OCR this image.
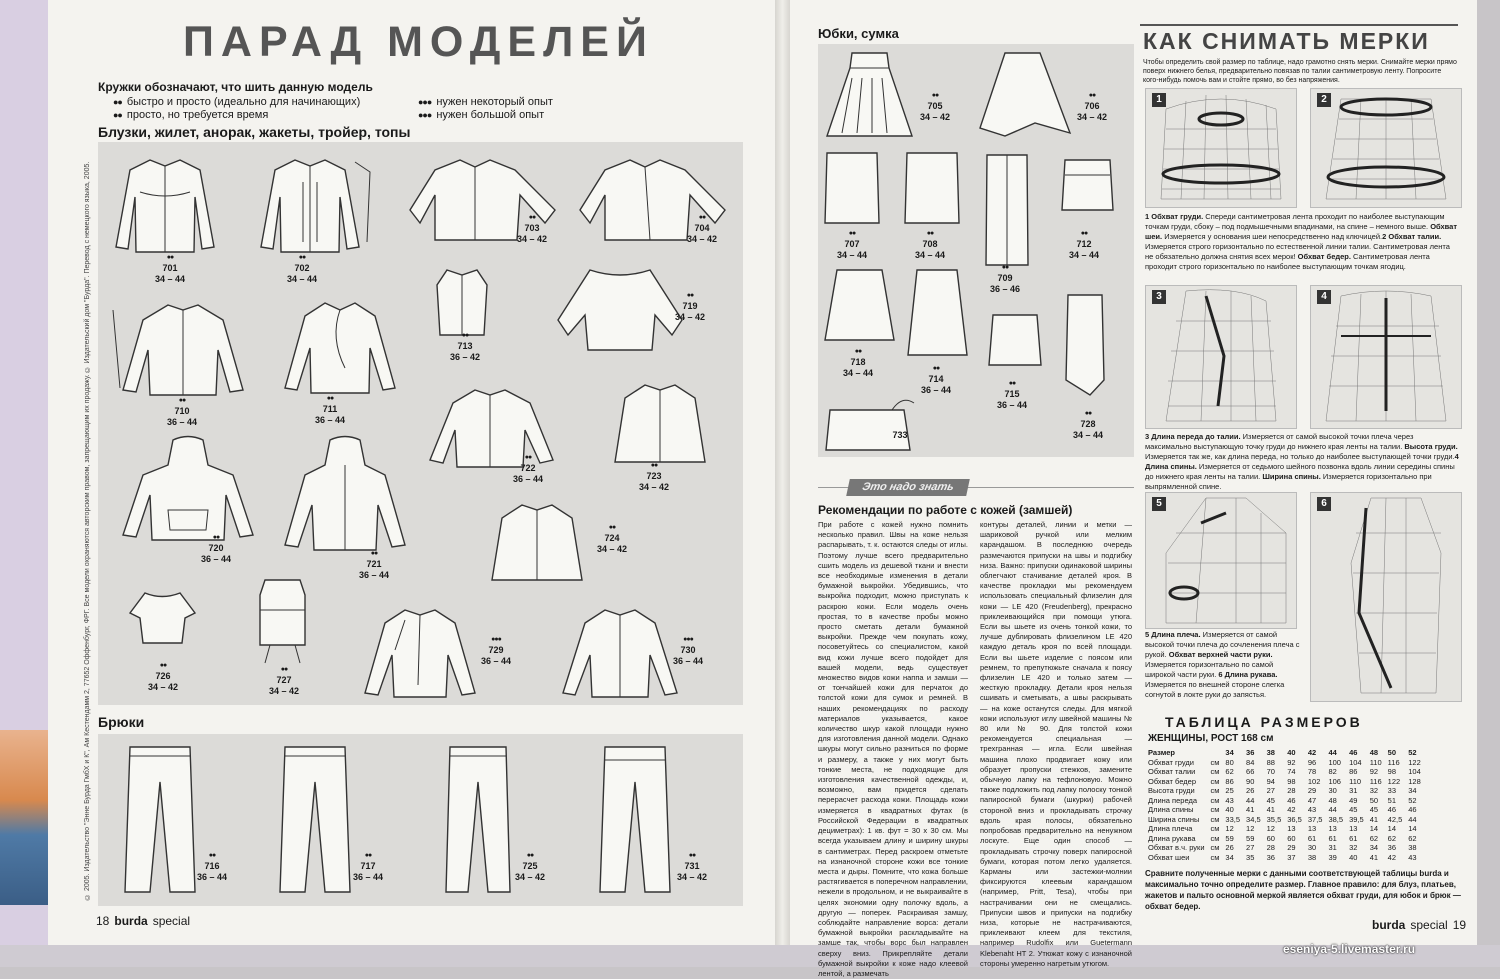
ПАРАД МОДЕЛЕЙ
Кружки обозначают, что шить данную модель
●● быстро и просто (идеально для начинающих)
●● просто, но требуется время
●●● нужен некоторый опыт
●●● нужен большой опыт
Блузки, жилет, анорак, жакеты, тройер, топы
© 2005. Издательство "Энне Бурда ГмбХ и К", Ам Кестендамм 2, 77652 Оффенбург, ФРГ. Все модели охраняются авторским правом, запрещающим их продажу. © Издательский дом "Бурда". Перевод с немецкого языка, 2005.	●●
701
34 – 44
●●
702
34 – 44
●●
703
34 – 42
●●
704
34 – 42
●●
713
36 – 42
●●
719
34 – 42
●●
710
36 – 44
●●
711
36 – 44
●●
722
36 – 44
●●
723
34 – 42
●●
720
36 – 44
●●
721
36 – 44
●●
724
34 – 42
●●
726
34 – 42
●●
727
34 – 42
●●●
729
36 – 44
●●●
730
36 – 44
Брюки
●●
716
36 – 44
●●
717
36 – 44
●●
725
34 – 42
●●
731
34 – 42
18 burda special
Юбки, сумка
●●
705
34 – 42
●●
706
34 – 42
●●
707
34 – 44
●●
708
34 – 44
●●
709
36 – 46
●●
712
34 – 44
●●
718
34 – 44	●●
714
36 – 44
●●
715
36 – 44
●●
728
34 – 44
733
Это надо знать
Рекомендации по работе с кожей (замшей)
При работе с кожей нужно помнить несколько правил. Швы на коже нельзя распарывать, т. к. остаются следы от иглы. Поэтому лучше всего предварительно сшить модель из дешевой ткани и внести все необходимые изменения в детали бумажной выкройки. Убедившись, что выкройка подходит, можно приступать к раскрою кожи. Если модель очень простая, то в качестве пробы можно просто сметать детали бумажной выкройки. Прежде чем покупать кожу, посоветуйтесь со специалистом, какой вид кожи лучше всего подойдет для вашей модели, ведь существует множество видов кожи наппа и замши — от тончайшей кожи для перчаток до толстой кожи для сумок и ремней. В наших рекомендациях по расходу материалов указывается, какое количество шкур какой площади нужно для изготовления данной модели. Однако шкуры могут сильно разниться по форме и размеру, а также у них могут быть тонкие места, не подходящие для изготовления качественной одежды, и, возможно, вам придется сделать перерасчет расхода кожи. Площадь кожи измеряется в квадратных футах (в Российской Федерации в квадратных дециметрах): 1 кв. фут = 30 х 30 см. Мы всегда указываем длину и ширину шкуры в сантиметрах. Перед раскроем отметьте на изнаночной стороне кожи все тонкие места и дыры. Помните, что кожа больше растягивается в поперечном направлении, нежели в продольном, и не выкраивайте в целях экономии одну полочку вдоль, а другую — поперек. Раскраивая замшу, соблюдайте направление ворса: детали бумажной выкройки раскладывайте на замше так, чтобы ворс был направлен сверху вниз. Прикрепляйте детали бумажной выкройки к коже надо клеевой лентой, а размечать
контуры деталей, линии и метки — шариковой ручкой или мелким карандашом. В последнюю очередь размечаются припуски на швы и подгибку низа. Важно: припуски одинаковой ширины облегчают стачивание деталей кроя. В качестве прокладки мы рекомендуем использовать специальный флизелин для кожи — LE 420 (Freudenberg), прекрасно приклеивающийся при помощи утюга. Если вы шьете из очень тонкой кожи, то лучше дублировать флизелином LE 420 каждую деталь кроя по всей площади. Если вы шьете изделие с поясом или ремнем, то препутюжьте сначала к поясу флизелин LE 420 и только затем — жесткую прокладку. Детали кроя нельзя сшивать и сметывать, а швы раскрывать — на коже останутся следы. Для мягкой кожи используют иглу швейной машины № 80 или № 90. Для толстой кожи рекомендуется специальная — трехгранная — игла. Если швейная машина плохо продвигает кожу или образует пропуски стежков, замените обычную лапку на тефлоновую. Можно также подложить под лапку полоску тонкой папиросной бумаги (шкурки) рабочей стороной вниз и прокладывать строчку вдоль края полосы, обязательно попробовав предварительно на ненужном лоскуте. Еще один способ — прокладывать строчку поверх папиросной бумаги, которая потом легко удаляется. Карманы или застежки-молнии фиксируются клеевым карандашом (например, Pritt, Tesa), чтобы при настрачивании они не смещались. Припуски швов и припуски на подгибку низа, которые не настрачиваются, приклеивают клеем для текстиля, например Rudolfix или Guetermann Klebenaht HT 2. Утюжат кожу с изнаночной стороны умеренно нагретым утюгом.
КАК СНИМАТЬ МЕРКИ
Чтобы определить свой размер по таблице, надо грамотно снять мерки. Снимайте мерки прямо поверх нижнего белья, предварительно повязав по талии сантиметровую ленту. Попросите кого-нибудь помочь вам и стойте прямо, во без напряжения.
1	2
1 Обхват груди. Спереди сантиметровая лента проходит по наиболее выступающим точкам груди, сбоку – под подмышечными впадинами, на спине – немного выше. Обхват шеи. Измеряется у основания шеи непосредственно над ключицей.2 Обхват талии. Измеряется строго горизонтально по естественной линии талии. Сантиметровая лента не обязательно должна снятия всех мерок! Обхват бедер. Сантиметровая лента проходит строго горизонтально по наиболее выступающим точкам ягодиц.
3	4
3 Длина переда до талии. Измеряется от самой высокой точки плеча через максимально выступающую точку груди до нижнего края ленты на талии. Высота груди. Измеряется так же, как длина переда, но только до наиболее выступающей точки груди.4 Длина спины. Измеряется от седьмого шейного позвонка вдоль линии середины спины до нижнего края ленты на талии. Ширина спины. Измеряется горизонтально при выпрямленной спине.
5	6
5 Длина плеча. Измеряется от самой высокой точки плеча до сочленения плеча с рукой. Обхват верхней части руки. Измеряется горизонтально по самой широкой части руки. 6 Длина рукава. Измеряется по внешней стороне слегка согнутой в локте руки до запястья.
ТАБЛИЦА РАЗМЕРОВ
ЖЕНЩИНЫ, РОСТ 168 см
Размер		34	36	38	40	42	44	46	48	50	52
Обхват груди	см	80	84	88	92	96	100	104	110	116	122
Обхват талии	см	62	66	70	74	78	82	86	92	98	104
Обхват бедер	см	86	90	94	98	102	106	110	116	122	128
Высота груди	см	25	26	27	28	29	30	31	32	33	34
Длина переда	см	43	44	45	46	47	48	49	50	51	52
Длина спины	см	40	41	41	42	43	44	45	45	46	46
Ширина спины	см	33,5	34,5	35,5	36,5	37,5	38,5	39,5	41	42,5	44
Длина плеча	см	12	12	12	13	13	13	13	14	14	14
Длина рукава	см	59	59	60	60	61	61	61	62	62	62
Обхват в.ч. руки	см	26	27	28	29	30	31	32	34	36	38
Обхват шеи	см	34	35	36	37	38	39	40	41	42	43
Сравните полученные мерки с данными соответствующей таблицы burda и максимально точно определите размер. Главное правило: для блуз, платьев, жакетов и пальто основной меркой является обхват груди, для юбок и брюк — обхват бедер.
burda special 19
eseniya-5.livemaster.ru
